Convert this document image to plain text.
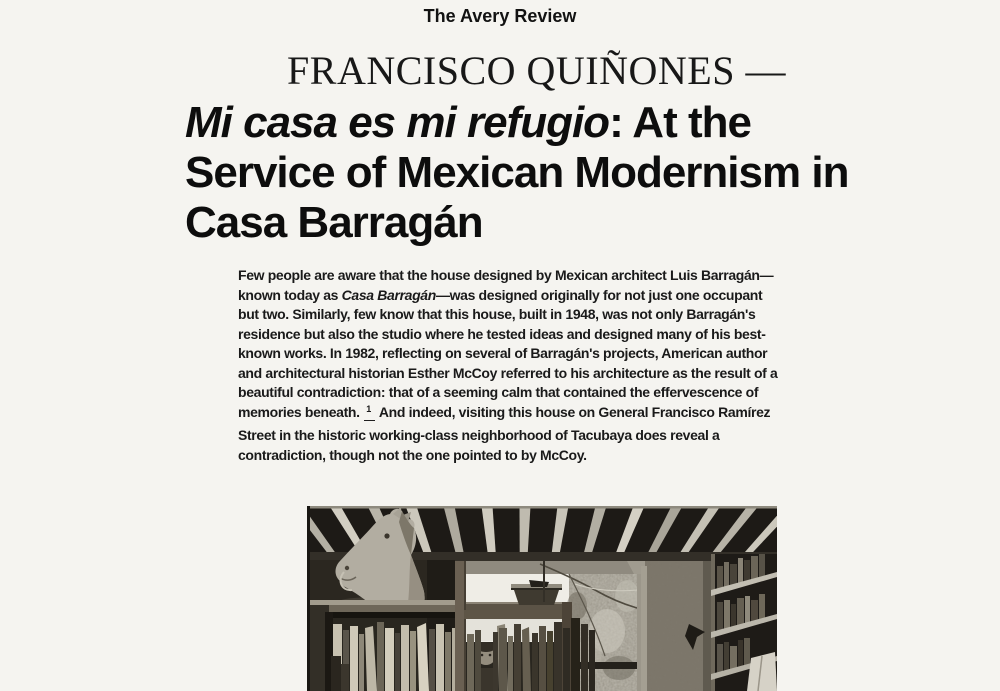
The Avery Review
FRANCISCO QUIÑONES —
Mi casa es mi refugio: At the
Service of Mexican Modernism in
Casa Barragán

Few people are aware that the house designed by Mexican architect Luis Barragán—known today as Casa Barragán—was designed originally for not just one occupant but two. Similarly, few know that this house, built in 1948, was not only Barragán's residence but also the studio where he tested ideas and designed many of his best-known works. In 1982, reflecting on several of Barragán's projects, American author and architectural historian Esther McCoy referred to his architecture as the result of a beautiful contradiction: that of a seeming calm that contained the effervescence of memories beneath. $^1$ And indeed, visiting this house on General Francisco Ramírez Street in the historic working-class neighborhood of Tacubaya does reveal a contradiction, though not the one pointed to by McCoy.
